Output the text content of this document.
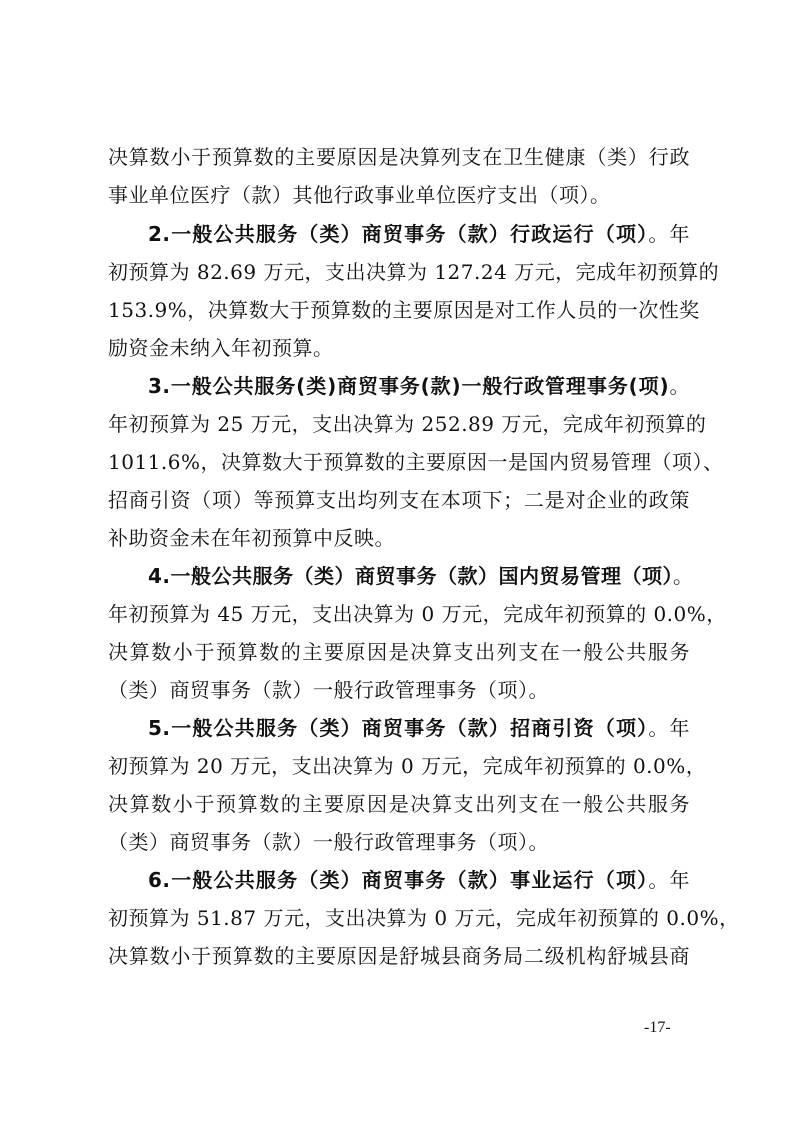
决算数小于预算数的主要原因是决算列支在卫生健康（类）行政
事业单位医疗（款）其他行政事业单位医疗支出（项）。
2.一般公共服务（类）商贸事务（款）行政运行（项）。年
初预算为 82.69 万元，支出决算为 127.24 万元，完成年初预算的
153.9%，决算数大于预算数的主要原因是对工作人员的一次性奖
励资金未纳入年初预算。
3.一般公共服务(类)商贸事务(款)一般行政管理事务(项)。
年初预算为 25 万元，支出决算为 252.89 万元，完成年初预算的
1011.6%，决算数大于预算数的主要原因一是国内贸易管理（项）、
招商引资（项）等预算支出均列支在本项下；二是对企业的政策
补助资金未在年初预算中反映。
4.一般公共服务（类）商贸事务（款）国内贸易管理（项）。
年初预算为 45 万元，支出决算为 0 万元，完成年初预算的 0.0%，
决算数小于预算数的主要原因是决算支出列支在一般公共服务
（类）商贸事务（款）一般行政管理事务（项）。
5.一般公共服务（类）商贸事务（款）招商引资（项）。年
初预算为 20 万元，支出决算为 0 万元，完成年初预算的 0.0%，
决算数小于预算数的主要原因是决算支出列支在一般公共服务
（类）商贸事务（款）一般行政管理事务（项）。
6.一般公共服务（类）商贸事务（款）事业运行（项）。年
初预算为 51.87 万元，支出决算为 0 万元，完成年初预算的 0.0%，
决算数小于预算数的主要原因是舒城县商务局二级机构舒城县商
-17-
